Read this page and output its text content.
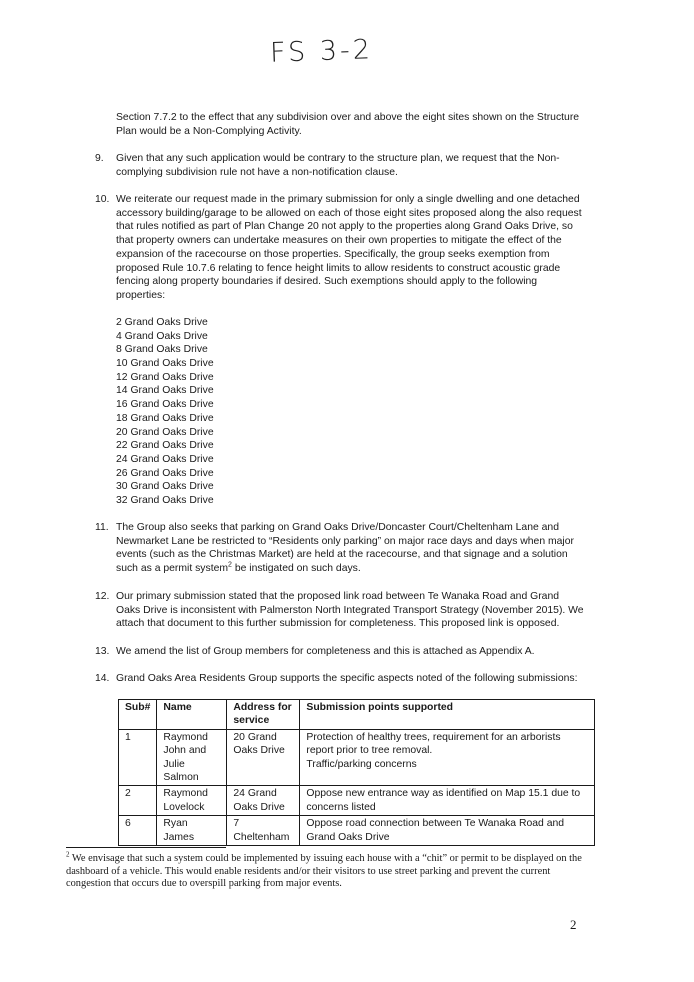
FS 3-2
Section 7.7.2 to the effect that any subdivision over and above the eight sites shown on the Structure Plan would be a Non-Complying Activity.
9. Given that any such application would be contrary to the structure plan, we request that the Non-complying subdivision rule not have a non-notification clause.
10. We reiterate our request made in the primary submission for only a single dwelling and one detached accessory building/garage to be allowed on each of those eight sites proposed along the also request that rules notified as part of Plan Change 20 not apply to the properties along Grand Oaks Drive, so that property owners can undertake measures on their own properties to mitigate the effect of the expansion of the racecourse on those properties. Specifically, the group seeks exemption from proposed Rule 10.7.6 relating to fence height limits to allow residents to construct acoustic grade fencing along property boundaries if desired. Such exemptions should apply to the following properties:
2 Grand Oaks Drive
4 Grand Oaks Drive
8 Grand Oaks Drive
10 Grand Oaks Drive
12 Grand Oaks Drive
14 Grand Oaks Drive
16 Grand Oaks Drive
18 Grand Oaks Drive
20 Grand Oaks Drive
22 Grand Oaks Drive
24 Grand Oaks Drive
26 Grand Oaks Drive
30 Grand Oaks Drive
32 Grand Oaks Drive
11. The Group also seeks that parking on Grand Oaks Drive/Doncaster Court/Cheltenham Lane and Newmarket Lane be restricted to “Residents only parking” on major race days and days when major events (such as the Christmas Market) are held at the racecourse, and that signage and a solution such as a permit system$^2$ be instigated on such days.
12. Our primary submission stated that the proposed link road between Te Wanaka Road and Grand Oaks Drive is inconsistent with Palmerston North Integrated Transport Strategy (November 2015). We attach that document to this further submission for completeness. This proposed link is opposed.
13. We amend the list of Group members for completeness and this is attached as Appendix A.
14. Grand Oaks Area Residents Group supports the specific aspects noted of the following submissions:
Sub#	Name	Address for service	Submission points supported
1	Raymond John and Julie Salmon	20 Grand Oaks Drive	Protection of healthy trees, requirement for an arborists report prior to tree removal.
Traffic/parking concerns

2	Raymond Lovelock	24 Grand Oaks Drive	Oppose new entrance way as identified on Map 15.1 due to concerns listed

6	Ryan James	7 Cheltenham	Oppose road connection between Te Wanaka Road and Grand Oaks Drive
$^2$ We envisage that such a system could be implemented by issuing each house with a “chit” or permit to be displayed on the dashboard of a vehicle. This would enable residents and/or their visitors to use street parking and prevent the current congestion that occurs due to overspill parking from major events.
2
